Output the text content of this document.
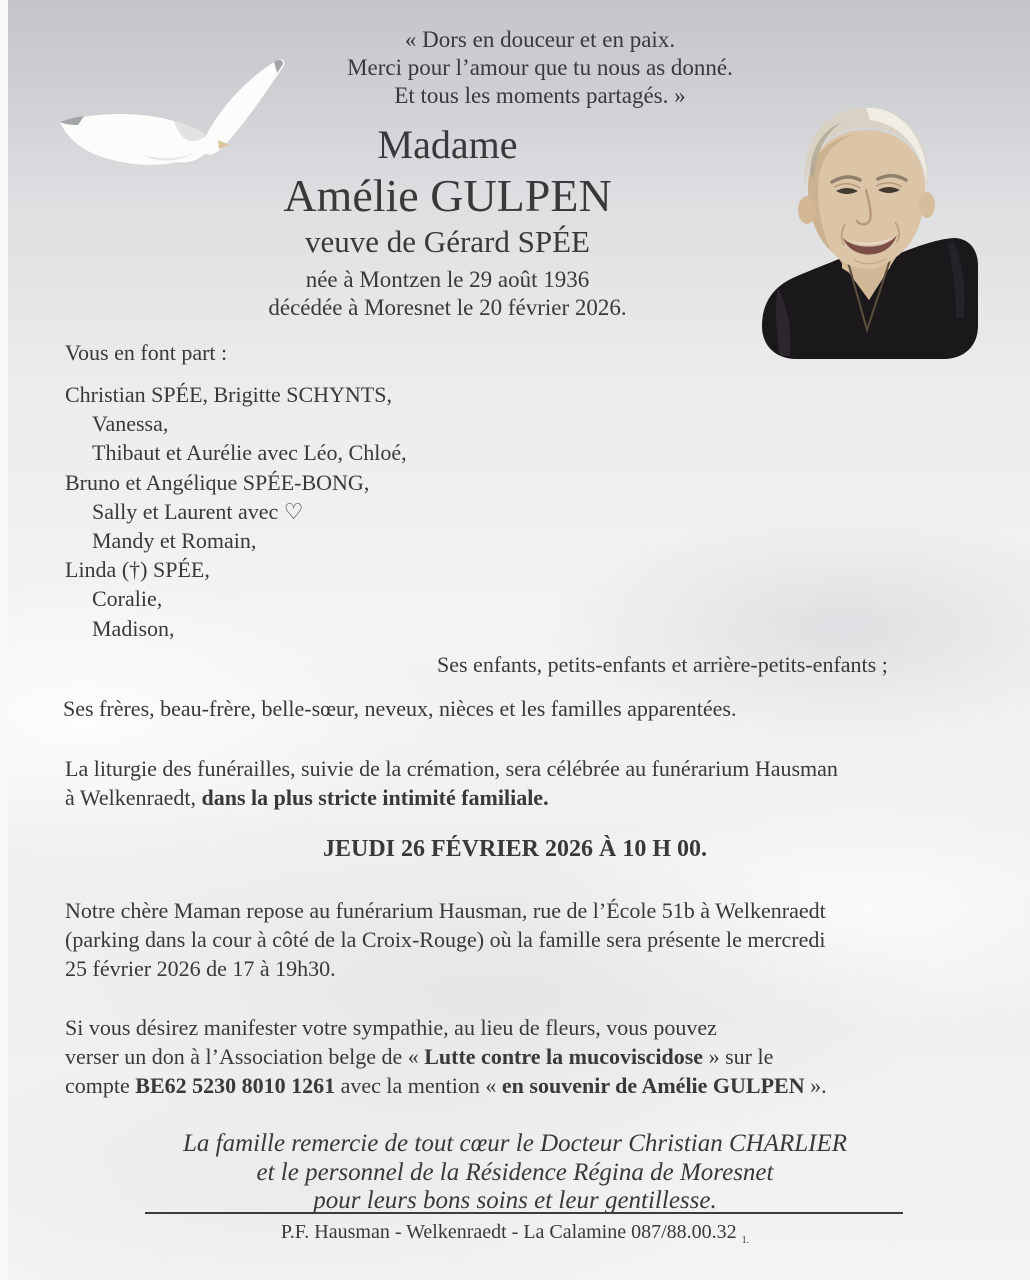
« Dors en douceur et en paix.
Merci pour l’amour que tu nous as donné.
Et tous les moments partagés. »
Madame
Amélie GULPEN
veuve de Gérard SPÉE
née à Montzen le 29 août 1936
décédée à Moresnet le 20 février 2026.
Vous en font part :
Christian SPÉE, Brigitte SCHYNTS,
Vanessa,
Thibaut et Aurélie avec Léo, Chloé,
Bruno et Angélique SPÉE-BONG,
Sally et Laurent avec ♡
Mandy et Romain,
Linda (†) SPÉE,
Coralie,
Madison,
Ses enfants, petits-enfants et arrière-petits-enfants ;
Ses frères, beau-frère, belle-sœur, neveux, nièces et les familles apparentées.
La liturgie des funérailles, suivie de la crémation, sera célébrée au funérarium Hausman
à Welkenraedt, dans la plus stricte intimité familiale.
JEUDI 26 FÉVRIER 2026 À 10 H 00.
Notre chère Maman repose au funérarium Hausman, rue de l’École 51b à Welkenraedt
(parking dans la cour à côté de la Croix-Rouge) où la famille sera présente le mercredi
25 février 2026 de 17 à 19h30.
Si vous désirez manifester votre sympathie, au lieu de fleurs, vous pouvez
verser un don à l’Association belge de « Lutte contre la mucoviscidose » sur le
compte BE62 5230 8010 1261 avec la mention « en souvenir de Amélie GULPEN ».
La famille remercie de tout cœur le Docteur Christian CHARLIER
et le personnel de la Résidence Régina de Moresnet
pour leurs bons soins et leur gentillesse.
P.F. Hausman - Welkenraedt - La Calamine 087/88.00.32 $_{1.}$
